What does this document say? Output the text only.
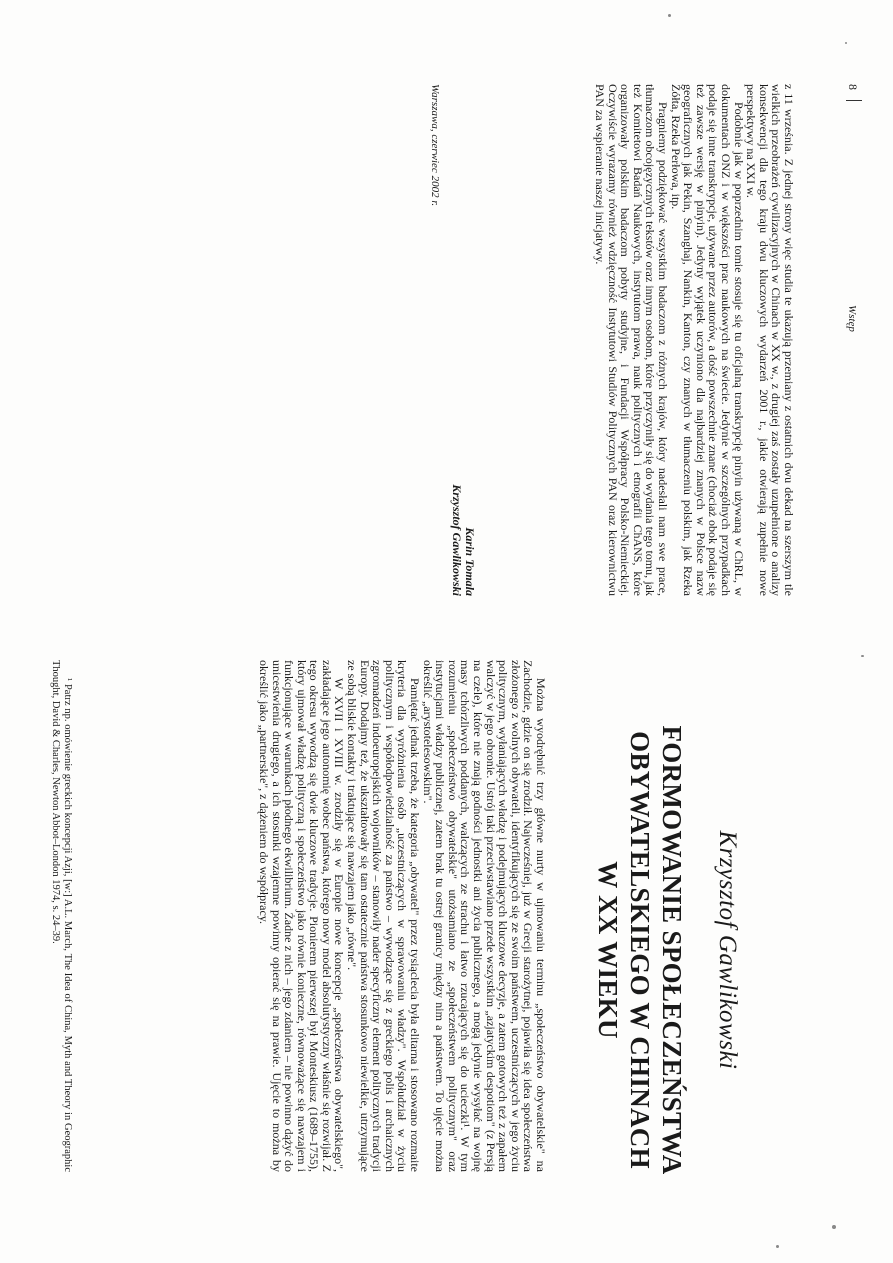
8
Wstęp

z 11 września. Z jednej strony więc studia te ukazują przemiany z ostatnich dwu dekad na szerszym tle wielkich przeobrażeń cywilizacyjnych w Chinach w XX w., z drugiej zaś zostały uzupełnione o analizy konsekwencji dla tego kraju dwu kluczowych wydarzeń 2001 r., jakie otwierają zupełnie nowe perspektywy na XXI w.

Podobnie jak w poprzednim tomie stosuje się tu oficjalną transkrypcję pinyin używaną w ChRL, w dokumentach ONZ i w większości prac naukowych na świecie. Jedynie w szczególnych przypadkach podaje się inne transkrypcje, używane przez autorów, a dość powszechnie znane (chociaż obok podaje się też zawsze wersję w pinyin). Jedyny wyjątek uczyniono dla najbardziej znanych w Polsce nazw geograficznych jak Pekin, Szanghaj, Nankin, Kanton, czy znanych w tłumaczeniu polskim, jak Rzeka Żółta, Rzeka Perłowa, itp.

Pragniemy podziękować wszystkim badaczom z różnych krajów, który nadesłali nam swe prace, tłumaczom obcojęzycznych tekstów oraz innym osobom, które przyczyniły się do wydania tego tomu, jak też Komitetowi Badań Naukowych, instytutom prawa, nauk politycznych i etnografii ChANS, które organizowały polskim badaczom pobyty studyjne, i Fundacji Współpracy Polsko-Niemieckiej. Oczywiście wyrazamy również wdzięczność Instytutowi Studiów Politycznych PAN oraz kierownictwu PAN za wspieranie naszej inicjatywy.

Karin Tomala
Krzysztof Gawlikowski
Warszawa, czerwiec 2002 r.
Krzysztof Gawlikowski
FORMOWANIE SPOŁECZEŃSTWA
OBYWATELSKIEGO W CHINACH
W XX WIEKU

Można wyodrębnić trzy główne nurty w ujmowaniu terminu „społeczeństwo obywatelskie" na Zachodzie, gdzie on się zrodził. Najwcześniej, już w Grecji starożytnej, pojawiła się idea społeczeństwa złożonego z wolnych obywateli, identyfikujących się ze swoim państwem, uczestniczących w jego życiu politycznym, wyłaniających władzę i podejmujących kluczowe decyzje, a zatem gotowych też z zapałem walczyć w jego obronie. Ustrój taki przeciwstawiano przede wszystkim „azjatyckim despotiom" (z Persją na czele), które nie znają godności jednostki ani życia publicznego, a mogą jedynie wysyłać na wojnę masy tchórzliwych poddanych, walczących ze strachu i łatwo rzucających się do ucieczki¹. W tym rozumieniu „społeczeństwo obywatelskie" utożsamiano ze „społeczeństwem politycznym" oraz instytucjami władzy publicznej, zatem brak tu ostrej granicy między nim a państwem. To ujęcie można określić „arystotelesowskim".

Pamiętać jednak trzeba, że kategoria „obywatel" przez tysiąclecia była elitarna i stosowano rozmaite kryteria dla wyróżnienia osób „uczestniczących w sprawowaniu władzy". Współudział w życiu politycznym i współodpowiedzialność za państwo – wywodzące się z greckiego polis i archaicznych zgromadzeń indoeuropejskich wojowników – stanowiły nader specyficzny element politycznych tradycji Europy. Dodajmy też, że ukształtowały się tam ostatecznie państwa stosunkowo niewielkie, utrzymujące ze sobą bliskie kontakty i traktujące się nawzajem jako „równe".

W XVII i XVIII w. zrodziły się w Europie nowe koncepcje „społeczeństwa obywatelskiego", zakładające jego autonomię wobec państwa, którego nowy model absolutystyczny właśnie się rozwijał. Z tego okresu wywodzą się dwie kluczowe tradycje. Pionierem pierwszej był Monteskiusz (1689–1755), który ujmował władzę polityczną i społeczeństwo jako równie konieczne, równoważące się nawzajem i funkcjonujące w warunkach płodnego ekwilibrium. Żadne z nich – jego zdaniem – nie powinno dążyć do unicestwienia drugiego, a ich stosunki wzajemne powinny opierać się na prawie. Ujęcie to można by określić jako „partnerskie", z dążeniem do współpracy.

¹ Patrz np. omówienie greckich koncepcji Azji, [w:] A.L. March, The Idea of China, Myth and Theory in Geographic Thought, David & Charles, Newton Abbot–London 1974, s. 24–39.
